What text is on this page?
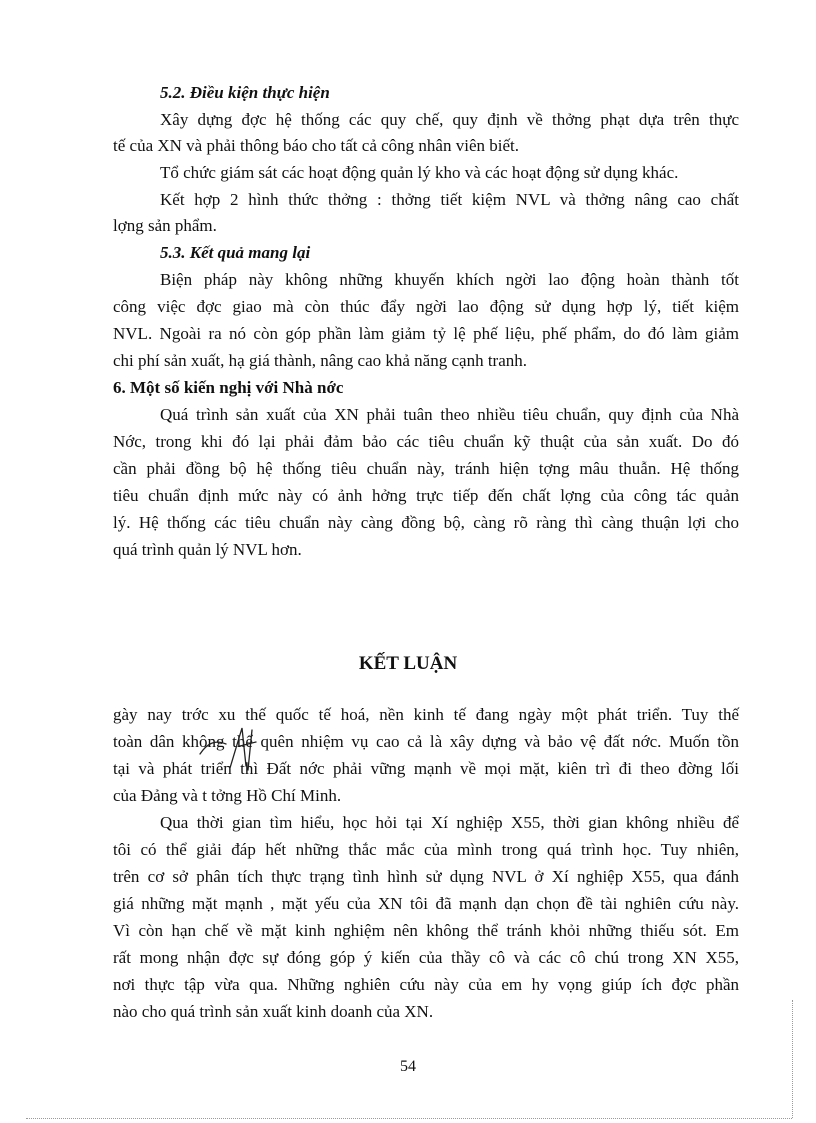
5.2. Điều kiện thực hiện
Xây dựng đợc hệ thống các quy chế, quy định về thởng phạt dựa trên thực
tế của XN và phải thông báo cho tất cả công nhân viên biết.
Tổ chức giám sát các hoạt động quản lý kho và các hoạt động sử dụng khác.
Kết hợp 2 hình thức thởng : thởng tiết kiệm NVL và thởng nâng cao chất
lợng sản phẩm.
5.3. Kết quả mang lại
Biện pháp này không những khuyến khích ngời lao động hoàn thành tốt
công việc đợc giao mà còn thúc đẩy ngời lao động sử dụng hợp lý, tiết kiệm
NVL. Ngoài ra nó còn góp phần làm giảm tỷ lệ phế liệu, phế phẩm, do đó làm giảm
chi phí sản xuất, hạ giá thành, nâng cao khả năng cạnh tranh.
6. Một số kiến nghị với Nhà nớc
Quá trình sản xuất của XN phải tuân theo nhiều tiêu chuẩn, quy định của Nhà
Nớc, trong khi đó lại phải đảm bảo các tiêu chuẩn kỹ thuật của sản xuất. Do đó
cần phải đồng bộ hệ thống tiêu chuẩn này, tránh hiện tợng mâu thuẫn. Hệ thống
tiêu chuẩn định mức này có ảnh hởng trực tiếp đến chất lợng của công tác quản
lý. Hệ thống các tiêu chuẩn này càng đồng bộ, càng rõ ràng thì càng thuận lợi cho
quá trình quản lý NVL hơn.
KẾT LUẬN
gày nay trớc xu thế quốc tế hoá, nền kinh tế đang ngày một phát triển. Tuy thế
toàn dân không thể quên nhiệm vụ cao cả là xây dựng và bảo vệ đất nớc. Muốn tồn
tại và phát triển thì Đất nớc phải vững mạnh về mọi mặt, kiên trì đi theo đờng lối
của Đảng và t tởng Hồ Chí Minh.
Qua thời gian tìm hiểu, học hỏi tại Xí nghiệp X55, thời gian không nhiều để
tôi có thể giải đáp hết những thắc mắc của mình trong quá trình học. Tuy nhiên,
trên cơ sở phân tích thực trạng tình hình sử dụng NVL ở Xí nghiệp X55, qua đánh
giá những mặt mạnh , mặt yếu của XN tôi đã mạnh dạn chọn đề tài nghiên cứu này.
Vì còn hạn chế về mặt kinh nghiệm nên không thể tránh khỏi những thiếu sót. Em
rất mong nhận đợc sự đóng góp ý kiến của thầy cô và các cô chú trong XN X55,
nơi thực tập vừa qua. Những nghiên cứu này của em hy vọng giúp ích đợc phần
nào cho quá trình sản xuất kinh doanh của XN.
54
